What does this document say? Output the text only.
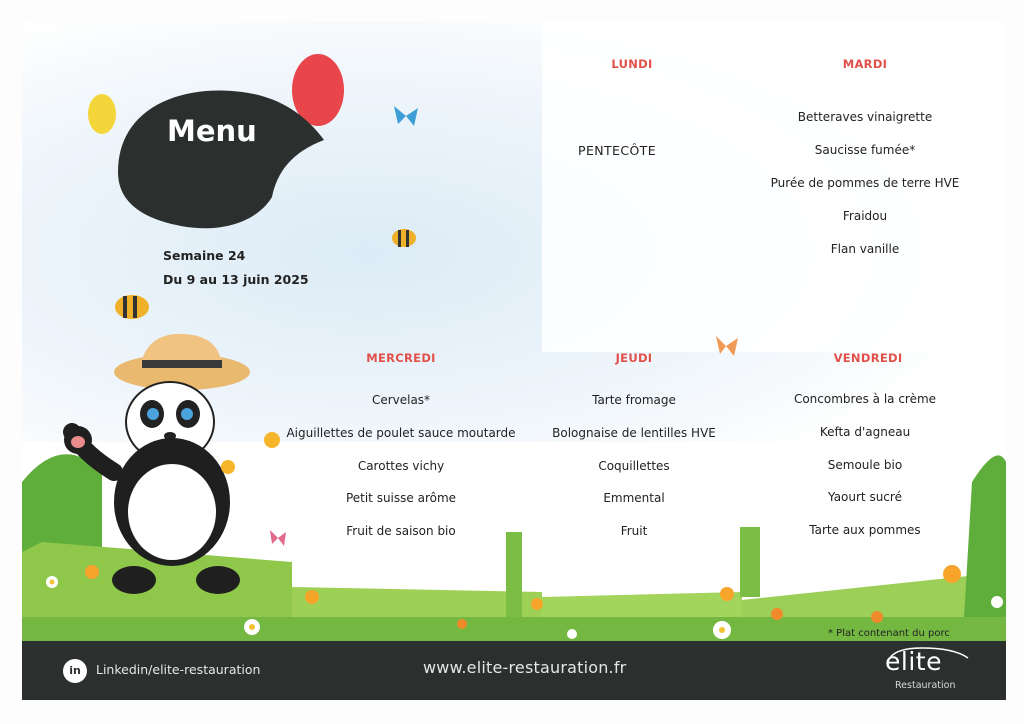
Menu
Semaine 24
Du 9 au 13 juin 2025
LUNDI
PENTECÔTE
MARDI
Betteraves vinaigrette
Saucisse fumée*
Purée de pommes de terre HVE
Fraidou
Flan vanille
MERCREDI
Cervelas*
Aiguillettes de poulet sauce moutarde
Carottes vichy
Petit suisse arôme
Fruit de saison bio
JEUDI
Tarte fromage
Bolognaise de lentilles HVE
Coquillettes
Emmental
Fruit
VENDREDI
Concombres à la crème
Kefta d'agneau
Semoule bio
Yaourt sucré
Tarte aux pommes
* Plat contenant du porc
in	Linkedin/elite-restauration	www.elite-restauration.fr	elite
Restauration
